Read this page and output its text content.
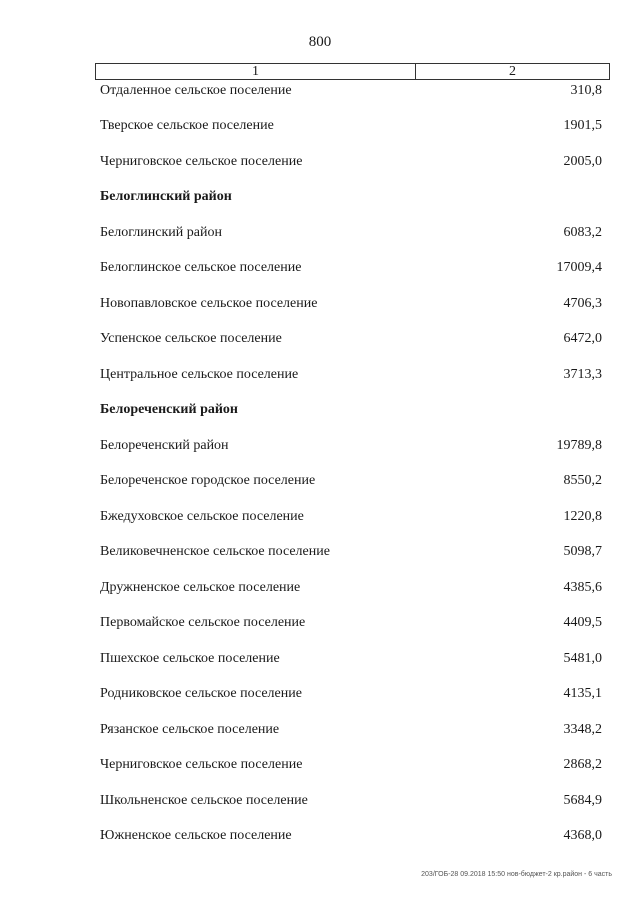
800
1	2
Отдаленное сельское поселение	310,8
Тверское сельское поселение	1901,5
Черниговское сельское поселение	2005,0
Белоглинский район
Белоглинский район	6083,2
Белоглинское сельское поселение	17009,4
Новопавловское сельское поселение	4706,3
Успенское сельское поселение	6472,0
Центральное сельское поселение	3713,3
Белореченский район
Белореченский район	19789,8
Белореченское городское поселение	8550,2
Бжедуховское сельское поселение	1220,8
Великовечненское сельское поселение	5098,7
Дружненское сельское поселение	4385,6
Первомайское сельское поселение	4409,5
Пшехское сельское поселение	5481,0
Родниковское сельское поселение	4135,1
Рязанское сельское поселение	3348,2
Черниговское сельское поселение	2868,2
Школьненское сельское поселение	5684,9
Южненское сельское поселение	4368,0
203/ГОБ-28 09.2018 15:50 нов-бюджет-2 кр.район - 6 часть
